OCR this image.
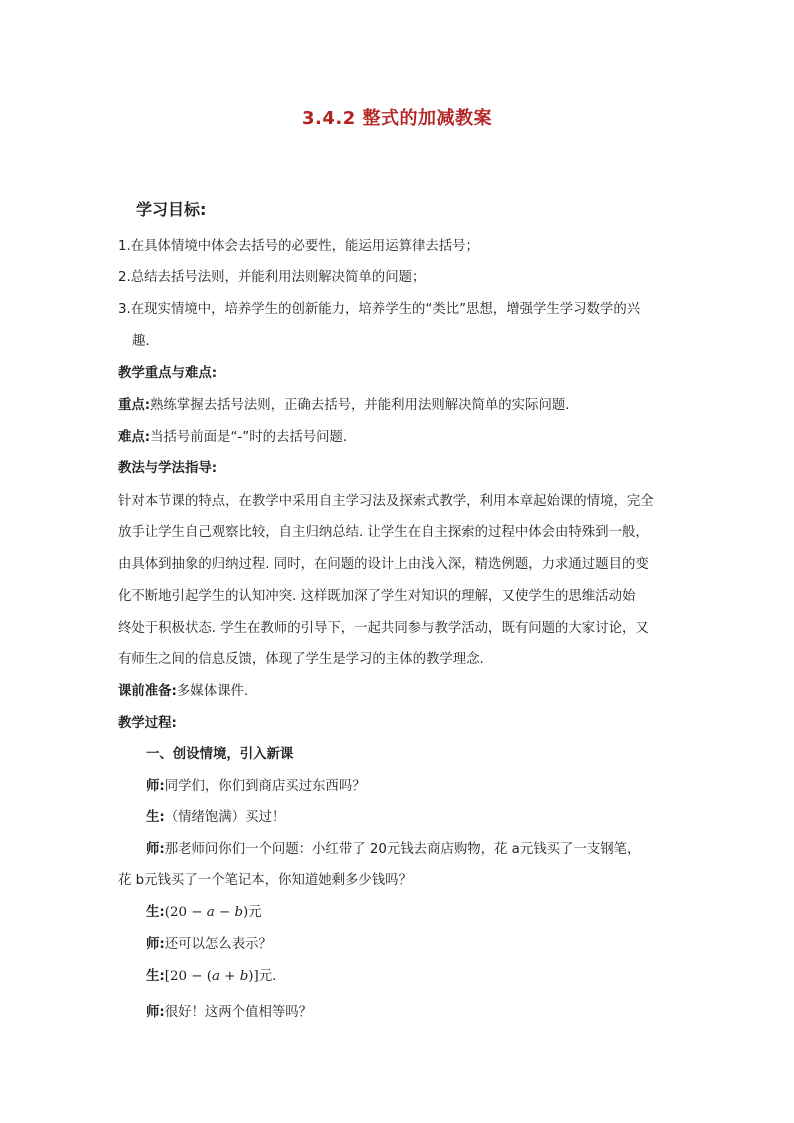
3.4.2 整式的加减教案
学习目标:
1.在具体情境中体会去括号的必要性，能运用运算律去括号；
2.总结去括号法则，并能利用法则解决简单的问题；
3.在现实情境中，培养学生的创新能力，培养学生的“类比”思想，增强学生学习数学的兴
趣.
教学重点与难点:
重点:熟练掌握去括号法则，正确去括号，并能利用法则解决简单的实际问题.
难点:当括号前面是“-”时的去括号问题.
教法与学法指导:
针对本节课的特点，在教学中采用自主学习法及探索式教学，利用本章起始课的情境，完全
放手让学生自己观察比较，自主归纳总结. 让学生在自主探索的过程中体会由特殊到一般，
由具体到抽象的归纳过程. 同时，在问题的设计上由浅入深，精选例题，力求通过题目的变
化不断地引起学生的认知冲突. 这样既加深了学生对知识的理解，又使学生的思维活动始
终处于积极状态. 学生在教师的引导下，一起共同参与教学活动，既有问题的大家讨论，又
有师生之间的信息反馈，体现了学生是学习的主体的教学理念.
课前准备:多媒体课件.
教学过程:
一、创设情境，引入新课
师:同学们，你们到商店买过东西吗？
生:（情绪饱满）买过！
师:那老师问你们一个问题：小红带了 20元钱去商店购物，花 a元钱买了一支钢笔，
花 b元钱买了一个笔记本，你知道她剩多少钱吗？
生:(20 − a − b)元
师:还可以怎么表示？
生:[20 − (a + b)]元.
师:很好！这两个值相等吗？
